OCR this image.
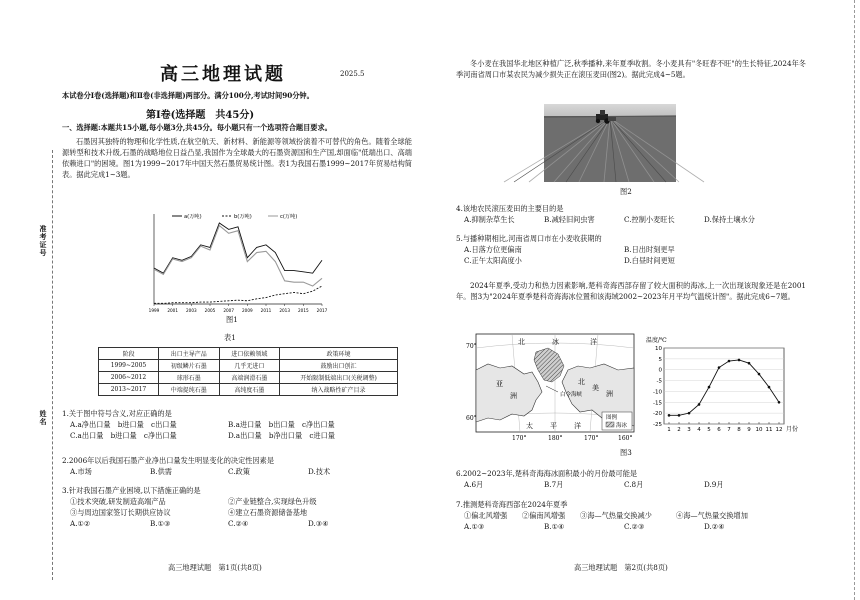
准考证号
姓名
高三地理试题	2025.5
本试卷分Ⅰ卷(选择题)和Ⅱ卷(非选择题)两部分。满分100分,考试时间90分钟。
第Ⅰ卷(选择题　共45分)
一、选择题:本题共15小题,每小题3分,共45分。每小题只有一个选项符合题目要求。
石墨因其独特的物理和化学性质,在航空航天、新材料、新能源等领域扮演着不可替代的角色。随着全球能源转型和技术升级,石墨的战略地位日益凸显,我国作为全球最大的石墨资源国和生产国,却面临"低端出口、高端依赖进口"的困境。图1为1999~2017年中国天然石墨贸易统计图。表1为我国石墨1999~2017年贸易结构简表。据此完成1~3题。
1999 2001 2003 2005 2007 2009 2011 2013 2015 2017
a(万吨)	b(万吨)	c(万吨)
图1
表1
阶段	出口主导产品	进口依赖领域	政策环境
1999~2005	初级鳞片石墨	几乎无进口	鼓励出口创汇
2006~2012	球形石墨	高端润滑石墨	开始限制低端出口(关税调整)
2013~2017	中端提纯石墨	高纯度石墨	纳入战略性矿产目录
1.关于图中符号含义,对应正确的是
A.a净出口量　b进口量　c出口量	B.a进口量　b出口量　c净出口量
C.a出口量　b进口量　c净出口量	D.a出口量　b净出口量　c进口量
2.2006年以后我国石墨产业净出口量发生明显变化的决定性因素是
A.市场	B.供需	C.政策	D.技术
3.针对我国石墨产业困境,以下措施正确的是
①技术突破,研发制造高端产品	②产业链整合,实现绿色升级
③与周边国家签订长期供应协议	④建立石墨资源储备基地
A.①②	B.①③	C.②④	D.③④
高三地理试题　第1页(共8页)
冬小麦在我国华北地区种植广泛,秋季播种,来年夏季收割。冬小麦具有"冬旺春不旺"的生长特征,2024年冬季河南省周口市某农民为减少损失正在滚压麦田(图2)。据此完成4~5题。
图2
4.该地农民滚压麦田的主要目的是
A.抑制杂草生长	B.减轻旧间虫害	C.控制小麦旺长	D.保持土壤水分
5.与播种期相比,河南省周口市在小麦收获期的
A.日落方位更偏南	B.日出时刻更早
C.正午太阳高度小	D.白昼时间更短
2024年夏季,受动力和热力因素影响,楚科奇海西部存留了较大面积的海冰,上一次出现该现象还是在2001年。图3为"2024年夏季楚科奇海海冰位置和该海域2002~2023年月平均气温统计图"。据此完成6~7题。
北	冰	洋
亚
洲
北
美
洲
太 平 洋
白令海峡
图例
海冰
70°
60°
170°	180°	170°	160°
10
5
0
-5
-10
-15
-20
-25
1 2 3 4 5 6 7 8 9 10 11 12
温度/℃
月份
图3
6.2002~2023年,楚科奇海海冰面积最小的月份最可能是
A.6月	B.7月	C.8月	D.9月
7.推测楚科奇海西部在2024年夏季
①偏北风增强 ②偏南风增强 ③海—气热量交换减少	④海—气热量交换增加
A.①③	B.①④	C.②③	D.②④
高三地理试题　第2页(共8页)
